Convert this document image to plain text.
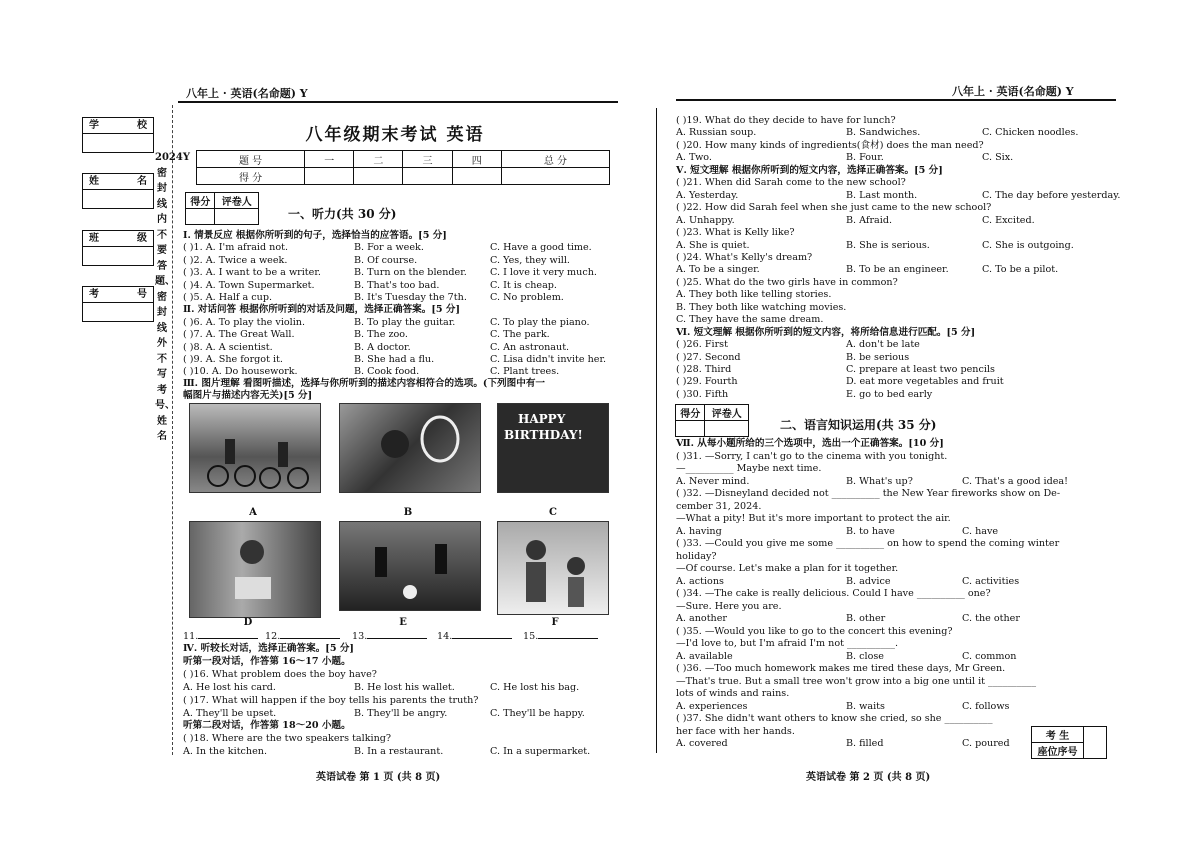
八年上 · 英语(名命题) Y	八年上 · 英语(名命题) Y
2024Y密封线内不要答题、密封线外不写考号、姓名
学	校
姓	名
班	级
考	号
八年级期末考试 英语
题 号	一	二	三	四	总 分
得 分					
得分	评卷人

一、听力(共 30 分)
Ⅰ. 情景反应 根据你所听到的句子，选择恰当的应答语。[5 分]
( )1. A. I'm afraid not.	B. For a week.	C. Have a good time.
( )2. A. Twice a week.	B. Of course.	C. Yes, they will.
( )3. A. I want to be a writer.	B. Turn on the blender. C. I love it very much.
( )4. A. Town Supermarket.	B. That's too bad.	C. It is cheap.
( )5. A. Half a cup.	B. It's Tuesday the 7th. C. No problem.
Ⅱ. 对话问答 根据你所听到的对话及问题，选择正确答案。[5 分]
( )6. A. To play the violin.	B. To play the guitar.	C. To play the piano.
( )7. A. The Great Wall.	B. The zoo.	C. The park.
( )8. A. A scientist.	B. A doctor.	C. An astronaut.
( )9. A. She forgot it.	B. She had a flu.	C. Lisa didn't invite her.
( )10. A. Do housework.	B. Cook food.	C. Plant trees.
Ⅲ. 图片理解 看图听描述，选择与你所听到的描述内容相符合的选项。(下列图中有一
幅图片与描述内容无关)[5 分]
A	B
HAPPY
BIRTHDAY!
C
D	E	F
11.	12.	13.	14.	15.
Ⅳ. 听较长对话，选择正确答案。[5 分]
听第一段对话，作答第 16～17 小题。
( )16. What problem does the boy have?
A. He lost his card.	B. He lost his wallet.	C. He lost his bag.
( )17. What will happen if the boy tells his parents the truth?
A. They'll be upset.	B. They'll be angry.	C. They'll be happy.
听第二段对话，作答第 18～20 小题。
( )18. Where are the two speakers talking?
A. In the kitchen.	B. In a restaurant.	C. In a supermarket.
( )19. What do they decide to have for lunch?
A. Russian soup.	B. Sandwiches.	C. Chicken noodles.
( )20. How many kinds of ingredients(食材) does the man need?
A. Two.	B. Four.	C. Six.
Ⅴ. 短文理解 根据你所听到的短文内容，选择正确答案。[5 分]
( )21. When did Sarah come to the new school?
A. Yesterday.	B. Last month.	C. The day before yesterday.
( )22. How did Sarah feel when she just came to the new school?
A. Unhappy.	B. Afraid.	C. Excited.
( )23. What is Kelly like?
A. She is quiet.	B. She is serious.	C. She is outgoing.
( )24. What's Kelly's dream?
A. To be a singer.	B. To be an engineer.	C. To be a pilot.
( )25. What do the two girls have in common?
A. They both like telling stories.
B. They both like watching movies.
C. They have the same dream.
Ⅵ. 短文理解 根据你所听到的短文内容，将所给信息进行匹配。[5 分]
( )26. First	A. don't be late
( )27. Second	B. be serious
( )28. Third	C. prepare at least two pencils
( )29. Fourth	D. eat more vegetables and fruit
( )30. Fifth	E. go to bed early
得分	评卷人

二、语言知识运用(共 35 分)
Ⅶ. 从每小题所给的三个选项中，选出一个正确答案。[10 分]
( )31. —Sorry, I can't go to the cinema with you tonight.
—__________ Maybe next time.
A. Never mind.	B. What's up?	C. That's a good idea!
( )32. —Disneyland decided not __________ the New Year fireworks show on De-
cember 31, 2024.
—What a pity! But it's more important to protect the air.
A. having	B. to have	C. have
( )33. —Could you give me some __________ on how to spend the coming winter
holiday?
—Of course. Let's make a plan for it together.
A. actions	B. advice	C. activities
( )34. —The cake is really delicious. Could I have __________ one?
—Sure. Here you are.
A. another	B. other	C. the other
( )35. —Would you like to go to the concert this evening?
—I'd love to, but I'm afraid I'm not __________.
A. available	B. close	C. common
( )36. —Too much homework makes me tired these days, Mr Green.
—That's true. But a small tree won't grow into a big one until it __________
lots of winds and rains.
A. experiences	B. waits	C. follows
( )37. She didn't want others to know she cried, so she __________
her face with her hands.
A. covered	B. filled	C. poured
考 生	
座位序号
英语试卷 第 1 页 (共 8 页)	英语试卷 第 2 页 (共 8 页)
